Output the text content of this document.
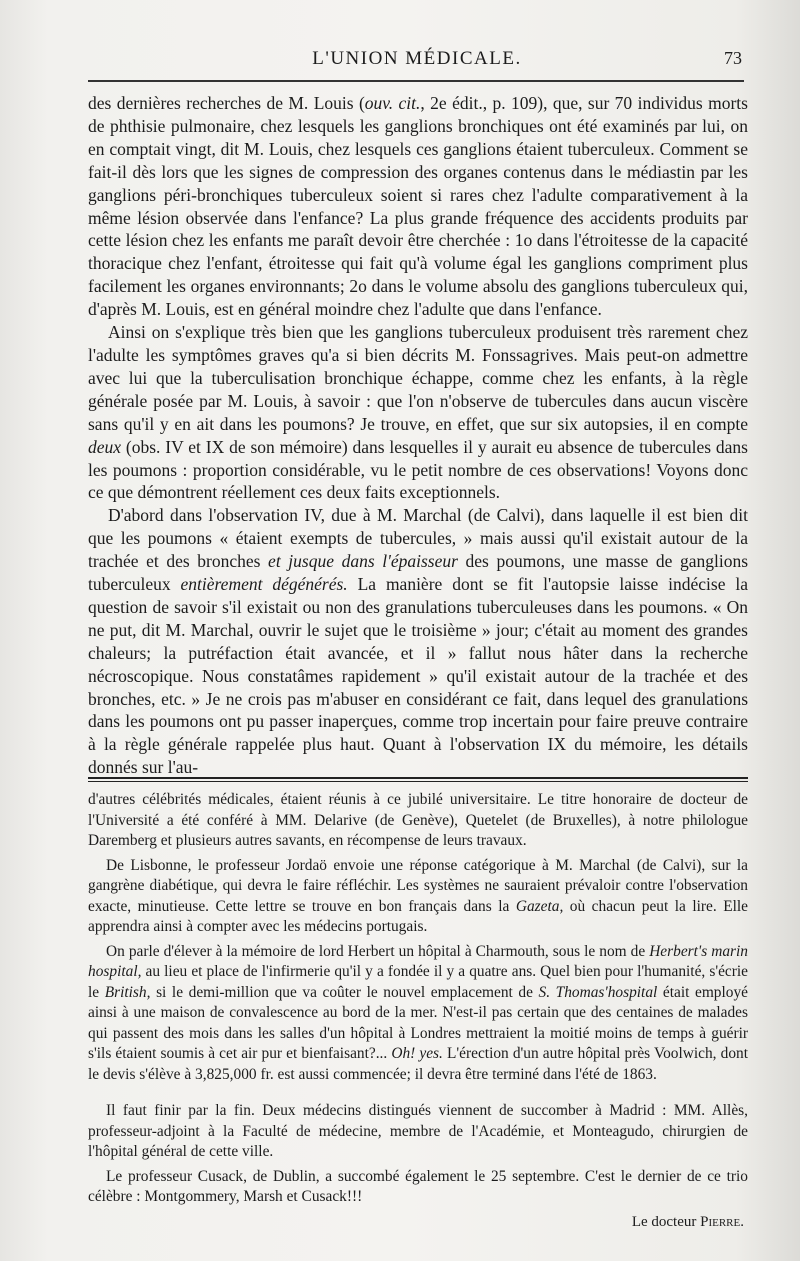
L'UNION MÉDICALE.	73

des dernières recherches de M. Louis (ouv. cit., 2e édit., p. 109), que, sur 70 individus morts de phthisie pulmonaire, chez lesquels les ganglions bronchiques ont été examinés par lui, on en comptait vingt, dit M. Louis, chez lesquels ces ganglions étaient tuberculeux. Comment se fait-il dès lors que les signes de compression des organes contenus dans le médiastin par les ganglions péri-bronchiques tuberculeux soient si rares chez l'adulte comparativement à la même lésion observée dans l'enfance? La plus grande fréquence des accidents produits par cette lésion chez les enfants me paraît devoir être cherchée : 1o dans l'étroitesse de la capacité thoracique chez l'enfant, étroitesse qui fait qu'à volume égal les ganglions compriment plus facilement les organes environnants; 2o dans le volume absolu des ganglions tuberculeux qui, d'après M. Louis, est en général moindre chez l'adulte que dans l'enfance.

Ainsi on s'explique très bien que les ganglions tuberculeux produisent très rarement chez l'adulte les symptômes graves qu'a si bien décrits M. Fonssagrives. Mais peut-on admettre avec lui que la tuberculisation bronchique échappe, comme chez les enfants, à la règle générale posée par M. Louis, à savoir : que l'on n'observe de tubercules dans aucun viscère sans qu'il y en ait dans les poumons? Je trouve, en effet, que sur six autopsies, il en compte deux (obs. IV et IX de son mémoire) dans lesquelles il y aurait eu absence de tubercules dans les poumons : proportion considérable, vu le petit nombre de ces observations! Voyons donc ce que démontrent réellement ces deux faits exceptionnels.

D'abord dans l'observation IV, due à M. Marchal (de Calvi), dans laquelle il est bien dit que les poumons « étaient exempts de tubercules, » mais aussi qu'il existait autour de la trachée et des bronches et jusque dans l'épaisseur des poumons, une masse de ganglions tuberculeux entièrement dégénérés. La manière dont se fit l'autopsie laisse indécise la question de savoir s'il existait ou non des granulations tuberculeuses dans les poumons. « On ne put, dit M. Marchal, ouvrir le sujet que le troisième » jour; c'était au moment des grandes chaleurs; la putréfaction était avancée, et il » fallut nous hâter dans la recherche nécroscopique. Nous constatâmes rapidement » qu'il existait autour de la trachée et des bronches, etc. » Je ne crois pas m'abuser en considérant ce fait, dans lequel des granulations dans les poumons ont pu passer inaperçues, comme trop incertain pour faire preuve contraire à la règle générale rappelée plus haut. Quant à l'observation IX du mémoire, les détails donnés sur l'au-

d'autres célébrités médicales, étaient réunis à ce jubilé universitaire. Le titre honoraire de docteur de l'Université a été conféré à MM. Delarive (de Genève), Quetelet (de Bruxelles), à notre philologue Daremberg et plusieurs autres savants, en récompense de leurs travaux.

De Lisbonne, le professeur Jordaö envoie une réponse catégorique à M. Marchal (de Calvi), sur la gangrène diabétique, qui devra le faire réfléchir. Les systèmes ne sauraient prévaloir contre l'observation exacte, minutieuse. Cette lettre se trouve en bon français dans la Gazeta, où chacun peut la lire. Elle apprendra ainsi à compter avec les médecins portugais.

On parle d'élever à la mémoire de lord Herbert un hôpital à Charmouth, sous le nom de Herbert's marin hospital, au lieu et place de l'infirmerie qu'il y a fondée il y a quatre ans. Quel bien pour l'humanité, s'écrie le British, si le demi-million que va coûter le nouvel emplacement de S. Thomas'hospital était employé ainsi à une maison de convalescence au bord de la mer. N'est-il pas certain que des centaines de malades qui passent des mois dans les salles d'un hôpital à Londres mettraient la moitié moins de temps à guérir s'ils étaient soumis à cet air pur et bienfaisant?... Oh! yes. L'érection d'un autre hôpital près Voolwich, dont le devis s'élève à 3,825,000 fr. est aussi commencée; il devra être terminé dans l'été de 1863.

Il faut finir par la fin. Deux médecins distingués viennent de succomber à Madrid : MM. Allès, professeur-adjoint à la Faculté de médecine, membre de l'Académie, et Monteagudo, chirurgien de l'hôpital général de cette ville.

Le professeur Cusack, de Dublin, a succombé également le 25 septembre. C'est le dernier de ce trio célèbre : Montgommery, Marsh et Cusack!!!

Le docteur Pierre.
